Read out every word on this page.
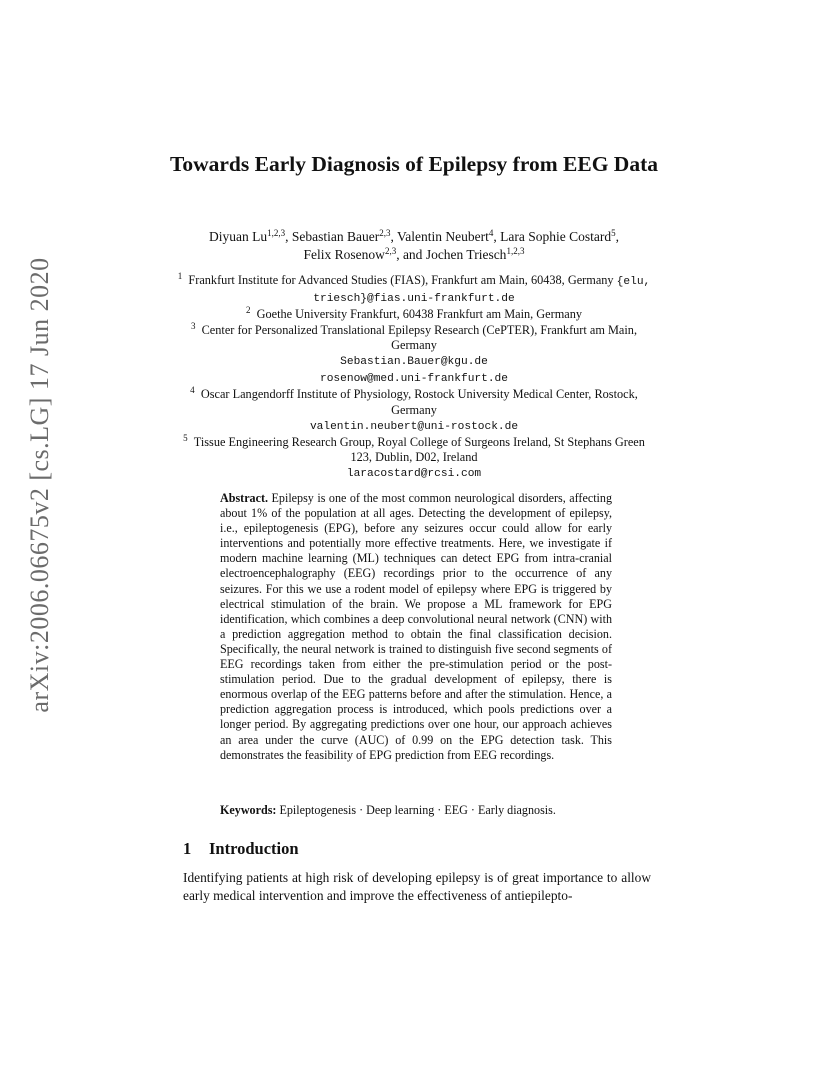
arXiv:2006.06675v2 [cs.LG] 17 Jun 2020
Towards Early Diagnosis of Epilepsy from EEG Data
Diyuan Lu$^{1,2,3}$, Sebastian Bauer$^{2,3}$, Valentin Neubert$^4$, Lara Sophie Costard$^5$,
Felix Rosenow$^{2,3}$, and Jochen Triesch$^{1,2,3}$
$^1$ Frankfurt Institute for Advanced Studies (FIAS), Frankfurt am Main, 60438, Germany {elu, triesch}@fias.uni-frankfurt.de
$^2$ Goethe University Frankfurt, 60438 Frankfurt am Main, Germany
$^3$ Center for Personalized Translational Epilepsy Research (CePTER), Frankfurt am Main, Germany
Sebastian.Bauer@kgu.de
rosenow@med.uni-frankfurt.de
$^4$ Oscar Langendorff Institute of Physiology, Rostock University Medical Center, Rostock, Germany
valentin.neubert@uni-rostock.de
$^5$ Tissue Engineering Research Group, Royal College of Surgeons Ireland, St Stephans Green 123, Dublin, D02, Ireland
laracostard@rcsi.com

Abstract. Epilepsy is one of the most common neurological disorders, affecting about 1% of the population at all ages. Detecting the development of epilepsy, i.e., epileptogenesis (EPG), before any seizures occur could allow for early interventions and potentially more effective treatments. Here, we investigate if modern machine learning (ML) techniques can detect EPG from intra-cranial electroencephalography (EEG) recordings prior to the occurrence of any seizures. For this we use a rodent model of epilepsy where EPG is triggered by electrical stimulation of the brain. We propose a ML framework for EPG identification, which combines a deep convolutional neural network (CNN) with a prediction aggregation method to obtain the final classification decision. Specifically, the neural network is trained to distinguish five second segments of EEG recordings taken from either the pre-stimulation period or the post-stimulation period. Due to the gradual development of epilepsy, there is enormous overlap of the EEG patterns before and after the stimulation. Hence, a prediction aggregation process is introduced, which pools predictions over a longer period. By aggregating predictions over one hour, our approach achieves an area under the curve (AUC) of 0.99 on the EPG detection task. This demonstrates the feasibility of EPG prediction from EEG recordings.

Keywords: Epileptogenesis · Deep learning · EEG · Early diagnosis.

1 Introduction

Identifying patients at high risk of developing epilepsy is of great importance to allow early medical intervention and improve the effectiveness of antiepilepto-
